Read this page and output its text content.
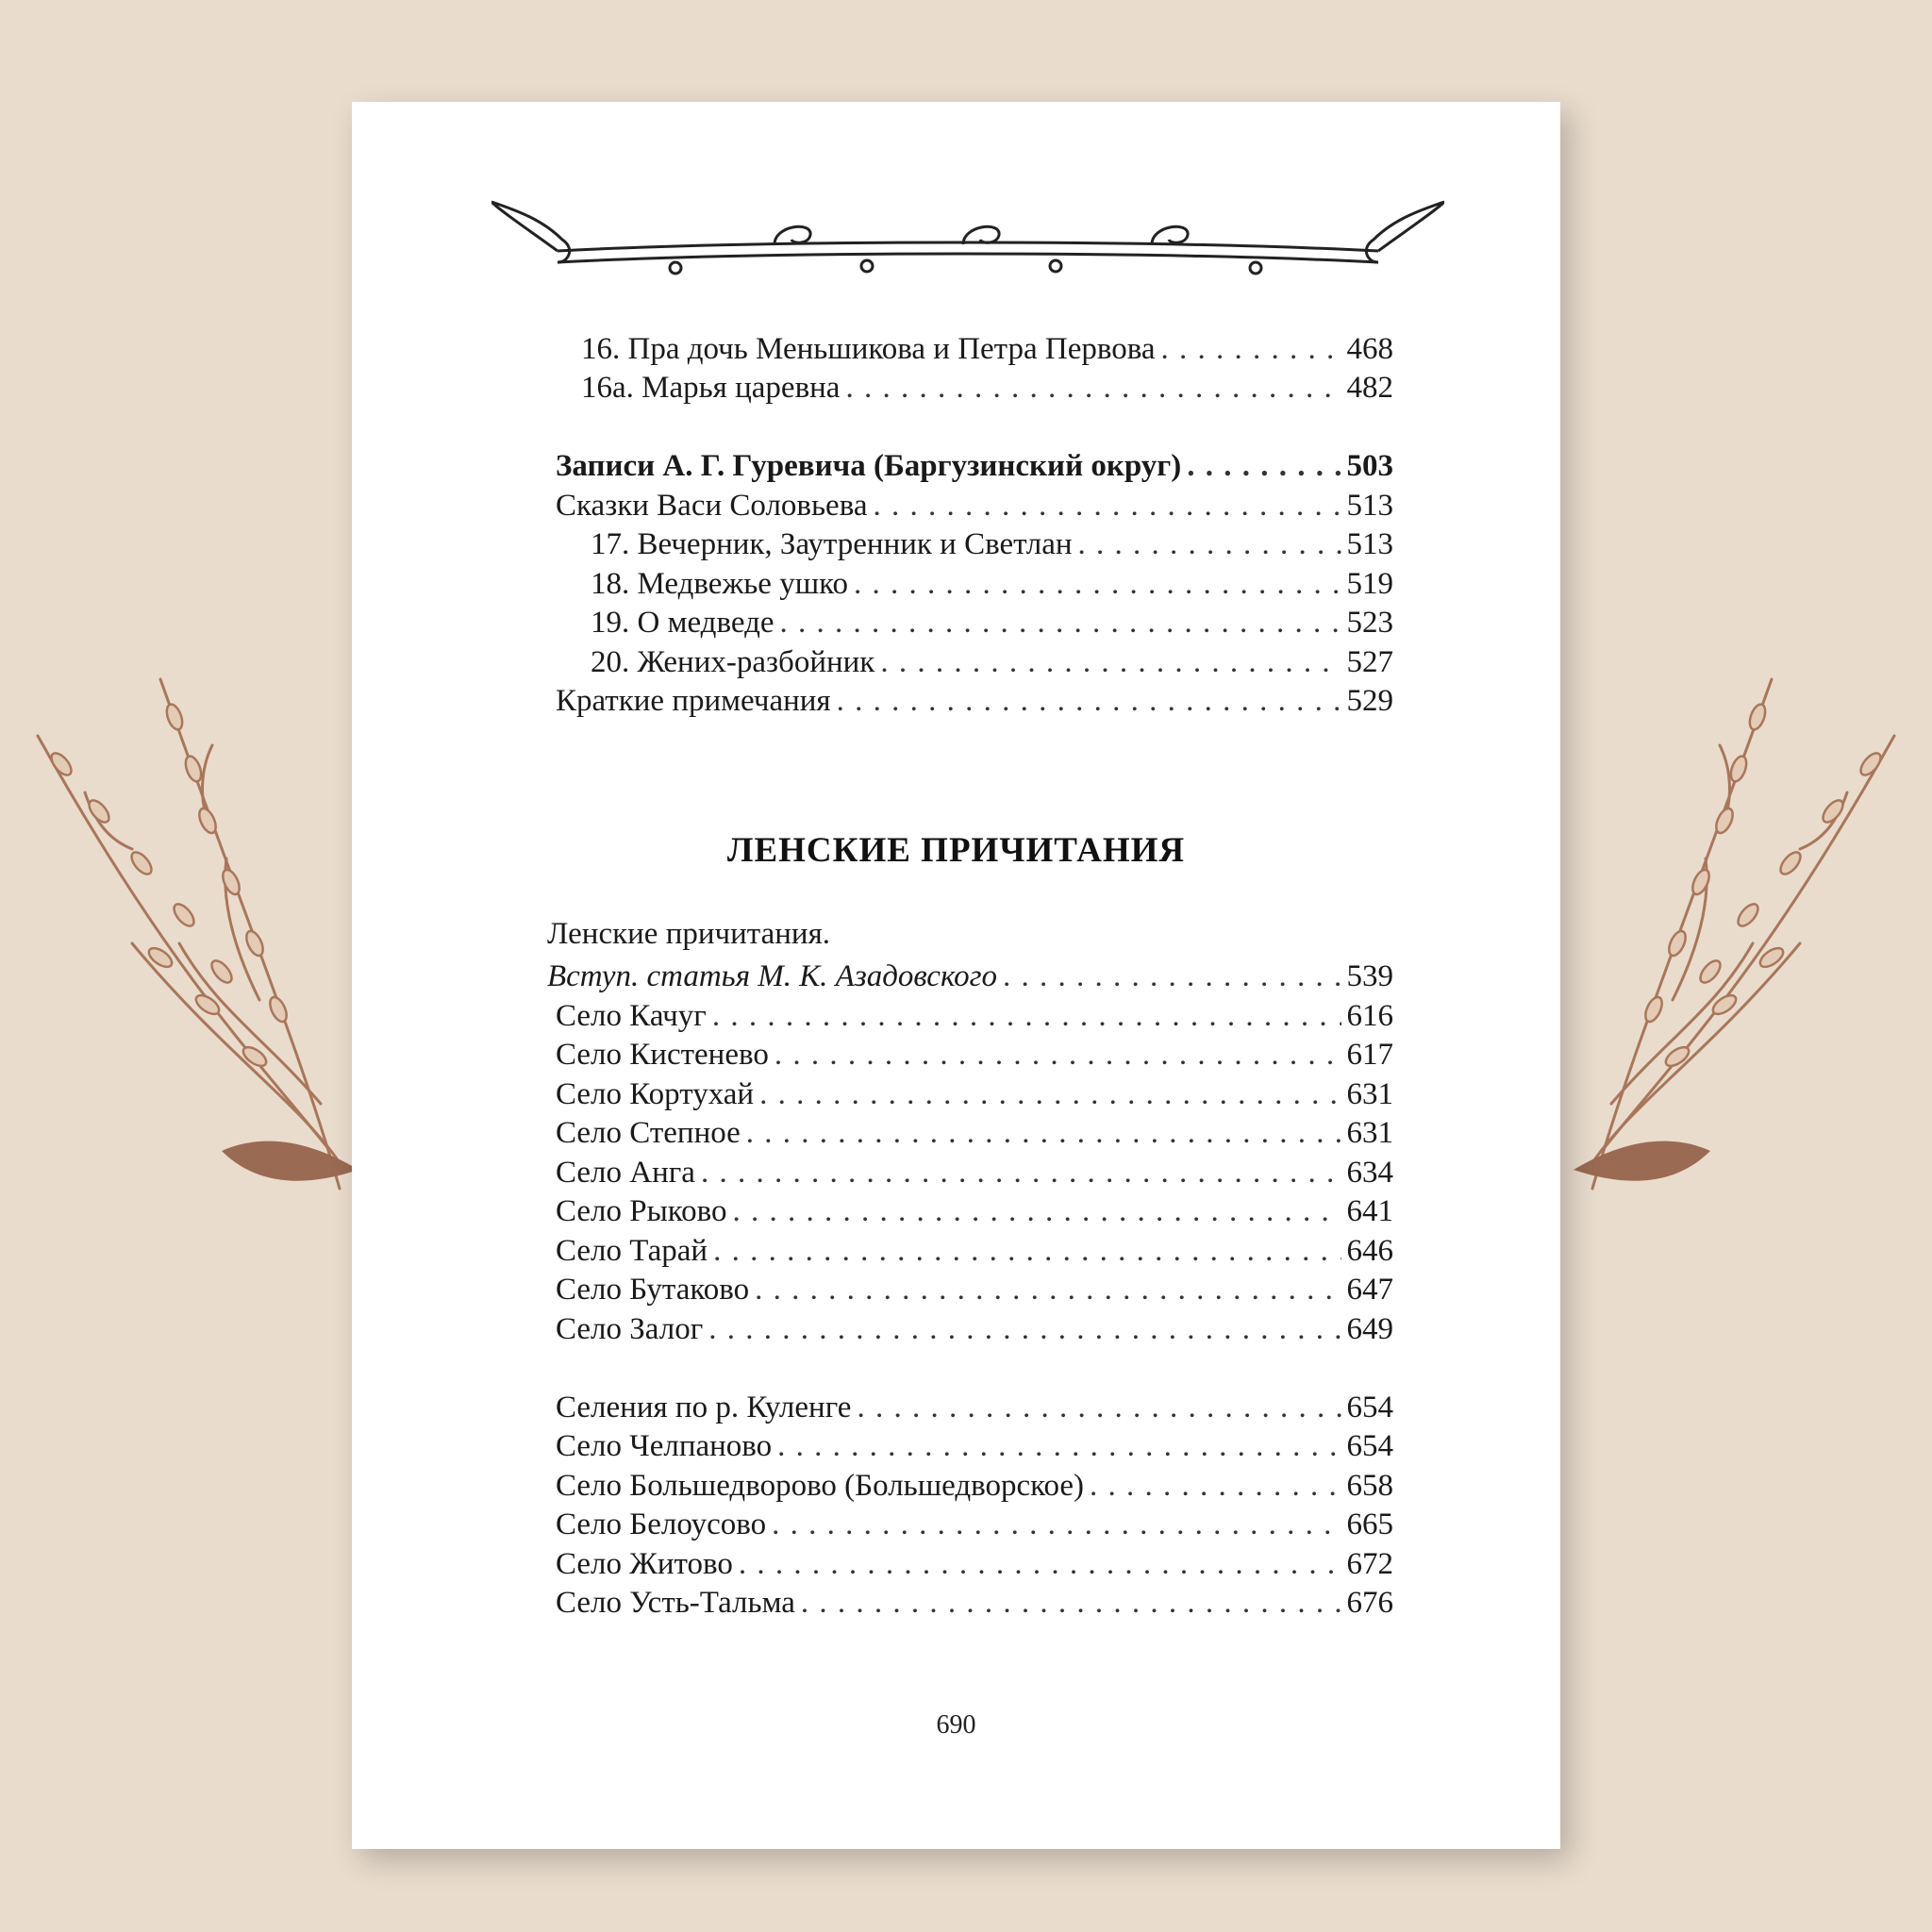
16. Пра дочь Меньшикова и Петра Первова . . .	468
16а. Марья царевна . . .	482
Записи А. Г. Гуревича (Баргузинский округ) . . .	503
Сказки Васи Соловьева . . .	513
17. Вечерник, Заутренник и Светлан . . .	513
18. Медвежье ушко . . .	519
19. О медведе . . .	523
20. Жених-разбойник . . .	527
Краткие примечания . . .	529
ЛЕНСКИЕ ПРИЧИТАНИЯ
Ленские причитания.
Вступ. статья М. К. Азадовского . . .	539
Село Качуг . . .	616
Село Кистенево . . .	617
Село Кортухай . . .	631
Село Степное . . .	631
Село Анга . . .	634
Село Рыково . . .	641
Село Тарай . . .	646
Село Бутаково . . .	647
Село Залог . . .	649
Селения по р. Куленге . . .	654
Село Челпаново . . .	654
Село Большедворово (Большедворское) . . .	658
Село Белоусово . . .	665
Село Житово . . .	672
Село Усть-Тальма . . .	676
690
